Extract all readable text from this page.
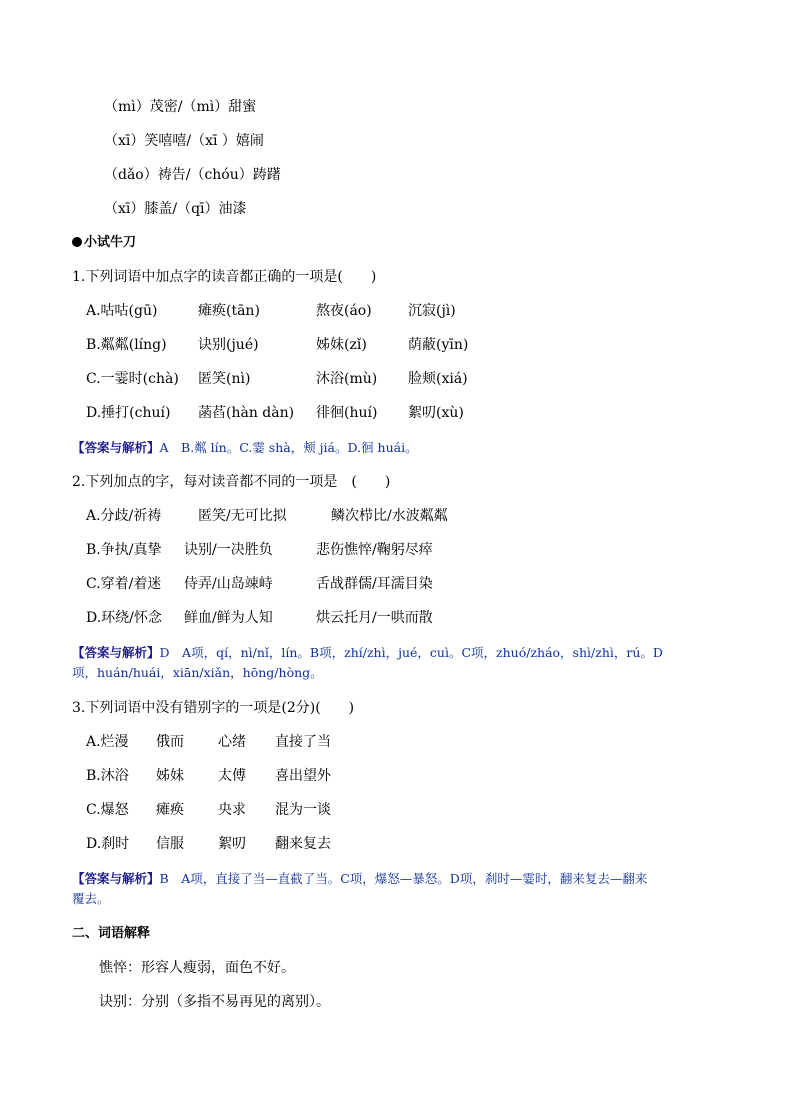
（mì）茂密/（mì）甜蜜
（xī）笑嘻嘻/（xī ）嬉闹
（dǎo）祷告/（chóu）踌躇
（xī）膝盖/（qī）油漆
小试牛刀
1.下列词语中加点字的读音都正确的一项是(　　)
A.咕咕(gū)	瘫痪(tān)	熬夜(áo)	沉寂(jì)
B.粼粼(líng) 诀别(jué)	姊妹(zǐ)	荫蔽(yīn)
C.一霎时(chà) 匿笑(nì)	沐浴(mù) 脸颊(xiá)
D.捶打(chuí) 菡萏(hàn dàn) 徘徊(huí) 絮叨(xù)
【答案与解析】A　B.粼 lín。C.霎 shà，颊 jiá。D.徊 huái。
2.下列加点的字，每对读音都不同的一项是　(　　)
A.分歧/祈祷	匿笑/无可比拟	鳞次栉比/水波粼粼
B.争执/真挚 诀别/一决胜负	悲伤憔悴/鞠躬尽瘁
C.穿着/着迷 侍弄/山岛竦峙	舌战群儒/耳濡目染
D.环绕/怀念 鲜血/鲜为人知	烘云托月/一哄而散
【答案与解析】D　A项，qí，nì/nǐ，lín。B项，zhí/zhì，jué，cuì。C项，zhuó/zháo，shì/zhì，rú。D
项，huán/huái，xiān/xiǎn，hōng/hòng。
3.下列词语中没有错别字的一项是(2分)(　　)
A.烂漫 俄而 心绪 直接了当
B.沐浴 姊妹 太傅 喜出望外
C.爆怒 瘫痪 央求 混为一谈
D.刹时 信服 絮叨 翻来复去
【答案与解析】B　A项，直接了当—直截了当。C项，爆怒—暴怒。D项，刹时—霎时，翻来复去—翻来
覆去。
二、词语解释
憔悴：形容人瘦弱，面色不好。
诀别：分别（多指不易再见的离别）。
